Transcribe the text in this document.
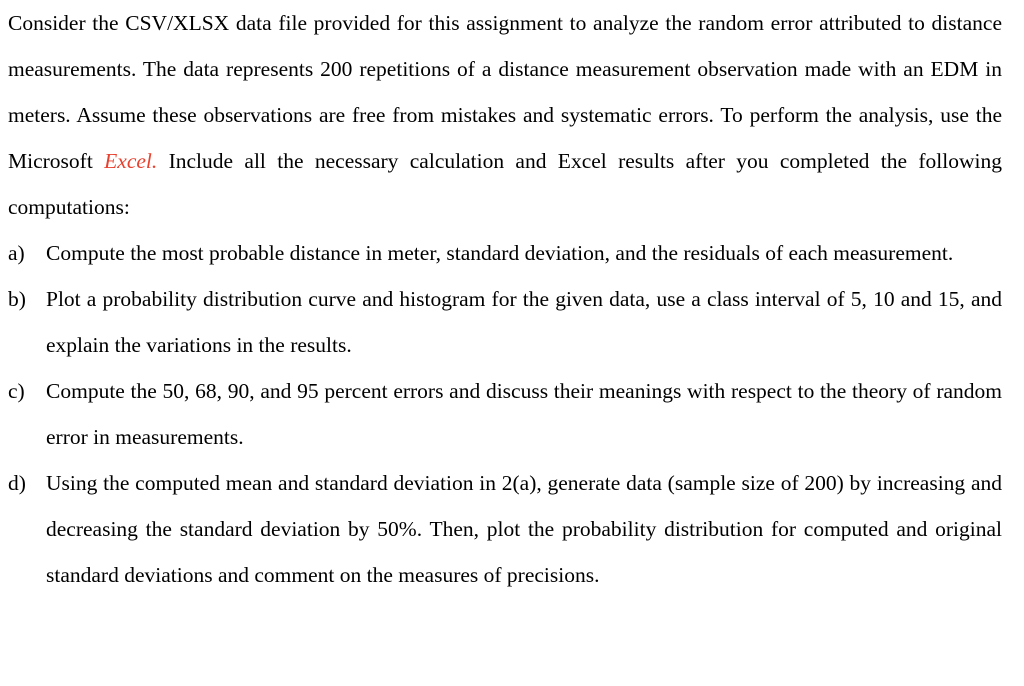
Consider the CSV/XLSX data file provided for this assignment to analyze the random error attributed to distance measurements. The data represents 200 repetitions of a distance measurement observation made with an EDM in meters. Assume these observations are free from mistakes and systematic errors. To perform the analysis, use the Microsoft Excel. Include all the necessary calculation and Excel results after you completed the following computations:

a) Compute the most probable distance in meter, standard deviation, and the residuals of each measurement.
b) Plot a probability distribution curve and histogram for the given data, use a class interval of 5, 10 and 15, and explain the variations in the results.
c) Compute the 50, 68, 90, and 95 percent errors and discuss their meanings with respect to the theory of random error in measurements.
d) Using the computed mean and standard deviation in 2(a), generate data (sample size of 200) by increasing and decreasing the standard deviation by 50%. Then, plot the probability distribution for computed and original standard deviations and comment on the measures of precisions.
